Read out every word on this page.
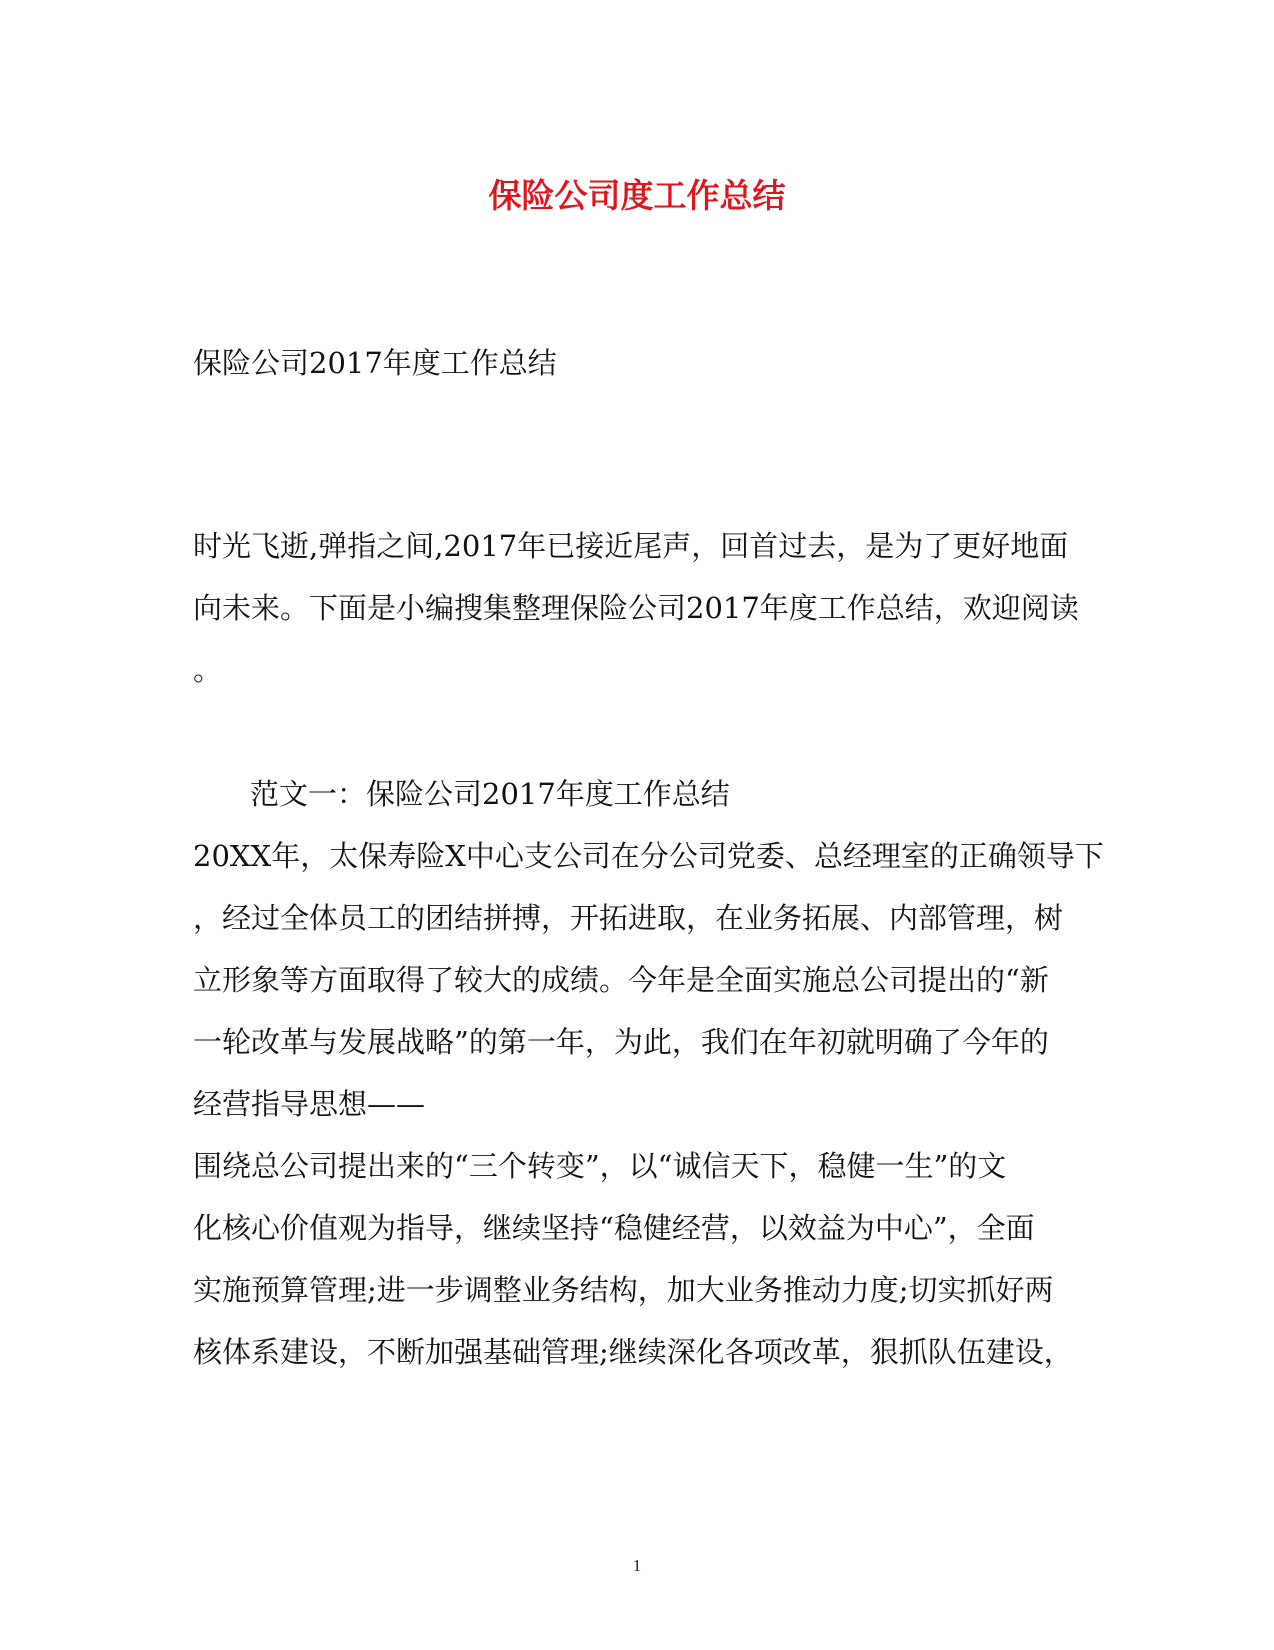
保险公司度工作总结
保险公司2017年度工作总结
时光飞逝,弹指之间,2017年已接近尾声，回首过去，是为了更好地面
向未来。下面是小编搜集整理保险公司2017年度工作总结，欢迎阅读
。
范文一：保险公司2017年度工作总结
20XX年，太保寿险X中心支公司在分公司党委、总经理室的正确领导下
，经过全体员工的团结拼搏，开拓进取，在业务拓展、内部管理，树
立形象等方面取得了较大的成绩。今年是全面实施总公司提出的“新
一轮改革与发展战略”的第一年，为此，我们在年初就明确了今年的
经营指导思想——
围绕总公司提出来的“三个转变”，以“诚信天下，稳健一生”的文
化核心价值观为指导，继续坚持“稳健经营，以效益为中心”，全面
实施预算管理;进一步调整业务结构，加大业务推动力度;切实抓好两
核体系建设，不断加强基础管理;继续深化各项改革，狠抓队伍建设，
1
